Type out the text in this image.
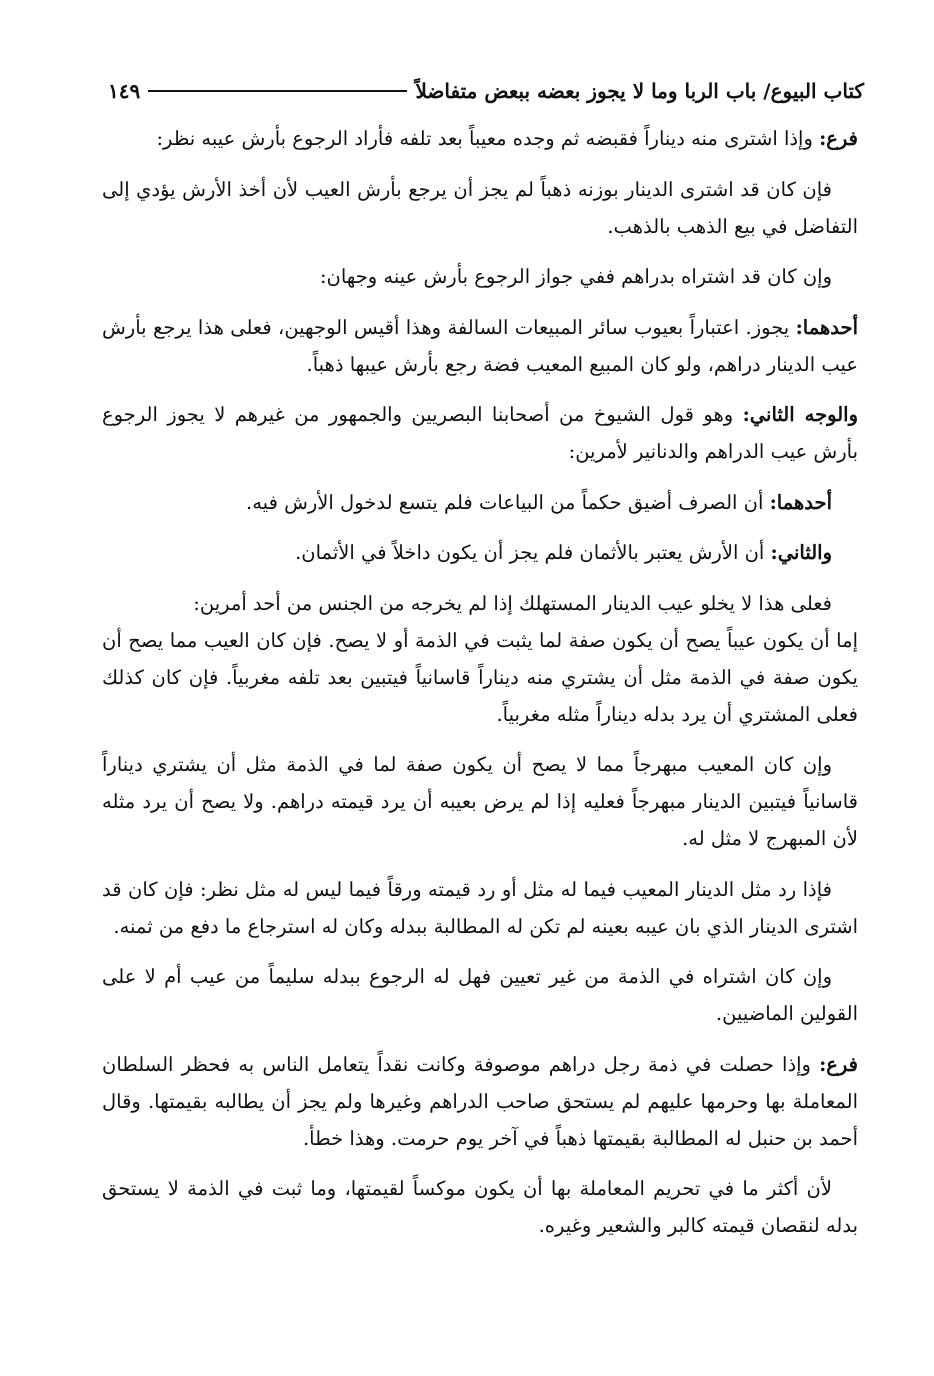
كتاب البيوع/ باب الربا وما لا يجوز بعضه ببعض متفاضلاً
١٤٩

فرع: وإذا اشترى منه ديناراً فقبضه ثم وجده معيباً بعد تلفه فأراد الرجوع بأرش عيبه نظر:

فإن كان قد اشترى الدينار بوزنه ذهباً لم يجز أن يرجع بأرش العيب لأن أخذ الأرش يؤدي إلى التفاضل في بيع الذهب بالذهب.

وإن كان قد اشتراه بدراهم ففي جواز الرجوع بأرش عينه وجهان:

أحدهما: يجوز. اعتباراً بعيوب سائر المبيعات السالفة وهذا أقيس الوجهين، فعلى هذا يرجع بأرش عيب الدينار دراهم، ولو كان المبيع المعيب فضة رجع بأرش عيبها ذهباً.

والوجه الثاني: وهو قول الشيوخ من أصحابنا البصريين والجمهور من غيرهم لا يجوز الرجوع بأرش عيب الدراهم والدنانير لأمرين:

أحدهما: أن الصرف أضيق حكماً من البياعات فلم يتسع لدخول الأرش فيه.

والثاني: أن الأرش يعتبر بالأثمان فلم يجز أن يكون داخلاً في الأثمان.

فعلى هذا لا يخلو عيب الدينار المستهلك إذا لم يخرجه من الجنس من أحد أمرين:

إما أن يكون عيباً يصح أن يكون صفة لما يثبت في الذمة أو لا يصح. فإن كان العيب مما يصح أن يكون صفة في الذمة مثل أن يشتري منه ديناراً قاسانياً فيتبين بعد تلفه مغربياً. فإن كان كذلك فعلى المشتري أن يرد بدله ديناراً مثله مغربياً.

وإن كان المعيب مبهرجاً مما لا يصح أن يكون صفة لما في الذمة مثل أن يشتري ديناراً قاسانياً فيتبين الدينار مبهرجاً فعليه إذا لم يرض بعيبه أن يرد قيمته دراهم. ولا يصح أن يرد مثله لأن المبهرج لا مثل له.

فإذا رد مثل الدينار المعيب فيما له مثل أو رد قيمته ورقاً فيما ليس له مثل نظر: فإن كان قد اشترى الدينار الذي بان عيبه بعينه لم تكن له المطالبة ببدله وكان له استرجاع ما دفع من ثمنه.

وإن كان اشتراه في الذمة من غير تعيين فهل له الرجوع ببدله سليماً من عيب أم لا على القولين الماضيين.

فرع: وإذا حصلت في ذمة رجل دراهم موصوفة وكانت نقداً يتعامل الناس به فحظر السلطان المعاملة بها وحرمها عليهم لم يستحق صاحب الدراهم وغيرها ولم يجز أن يطالبه بقيمتها. وقال أحمد بن حنبل له المطالبة بقيمتها ذهباً في آخر يوم حرمت. وهذا خطأ.

لأن أكثر ما في تحريم المعاملة بها أن يكون موكساً لقيمتها، وما ثبت في الذمة لا يستحق بدله لنقصان قيمته كالبر والشعير وغيره.
